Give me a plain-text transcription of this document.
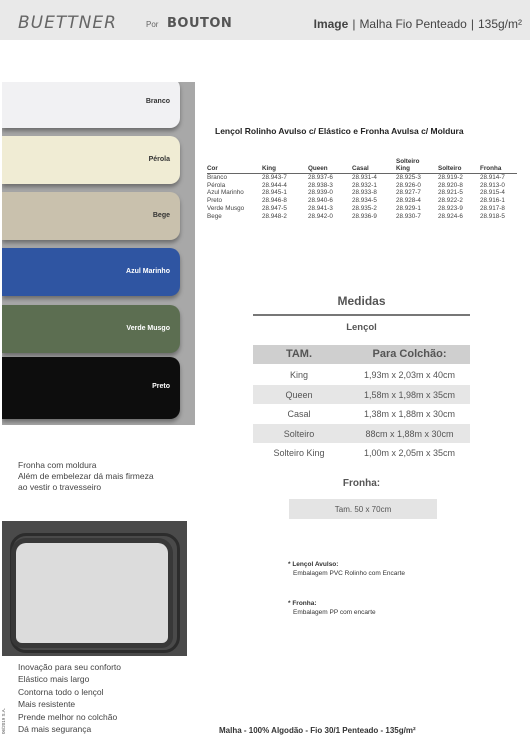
BUETTNER	Por BOUTON	Image | Malha Fio Penteado | 135g/m²
Branco
Pérola
Bege
Azul Marinho
Verde Musgo
Preto
Lençol Rolinho Avulso c/ Elástico e Fronha Avulsa c/ Moldura
Cor	King	Queen	Casal	Solteiro King	Solteiro	Fronha
Branco	28.943-7	28.937-6	28.931-4	28.925-3	28.919-2	28.914-7
Pérola	28.944-4	28.938-3	28.932-1	28.926-0	28.920-8	28.913-0
Azul Marinho	28.945-1	28.939-0	28.933-8	28.927-7	28.921-5	28.915-4
Preto	28.946-8	28.940-6	28.934-5	28.928-4	28.922-2	28.916-1
Verde Musgo	28.947-5	28.941-3	28.935-2	28.929-1	28.923-9	28.917-8
Bege	28.948-2	28.942-0	28.936-9	28.930-7	28.924-6	28.918-5
Medidas
Lençol
TAM.	Para Colchão:
King	1,93m x 2,03m x 40cm
Queen	1,58m x 1,98m x 35cm
Casal	1,38m x 1,88m x 30cm
Solteiro	88cm x 1,88m x 30cm
Solteiro King	1,00m x 2,05m x 35cm
Fronha:
Tam. 50 x 70cm
* Lençol Avulso:
Embalagem PVC Rolinho com Encarte
* Fronha:
Embalagem PP com encarte
Fronha com moldura
Além de embelezar dá mais firmeza
ao vestir o travesseiro
Inovação para seu conforto
Elástico mais largo
Contorna todo o lençol
Mais resistente
Prende melhor no colchão
Dá mais segurança	Malha - 100% Algodão - Fio 30/1 Penteado - 135g/m²
06/2019 S.A.
